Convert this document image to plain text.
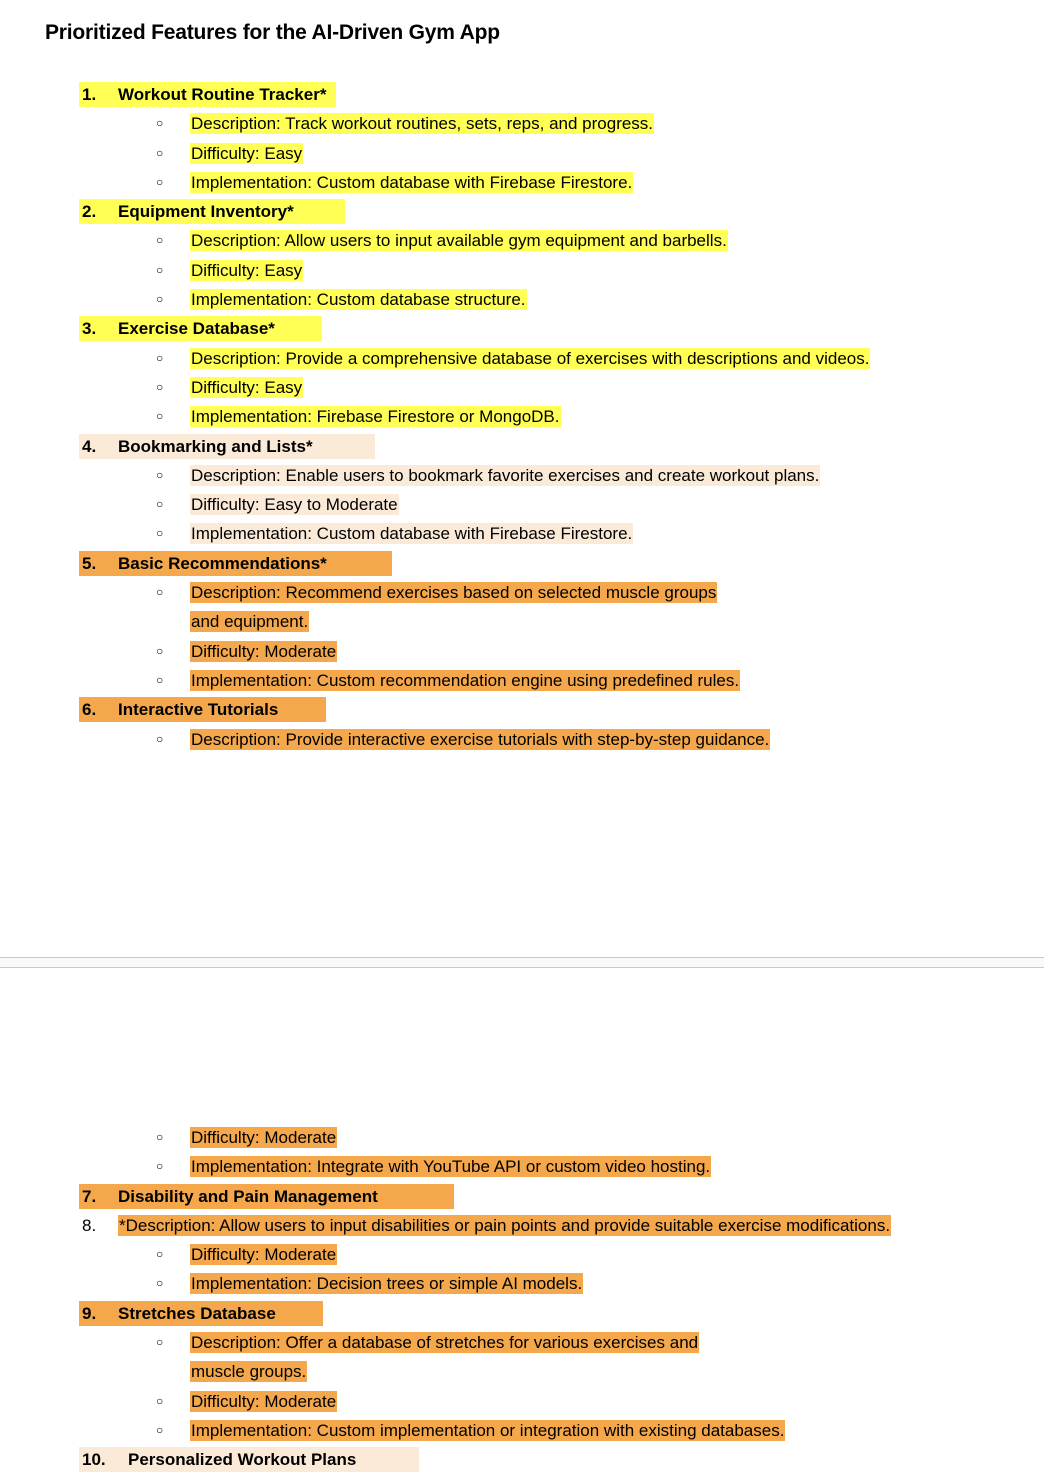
Prioritized Features for the AI-Driven Gym App
1. Workout Routine Tracker*
○ Description: Track workout routines, sets, reps, and progress.
○ Difficulty: Easy
○ Implementation: Custom database with Firebase Firestore.
2. Equipment Inventory*
○ Description: Allow users to input available gym equipment and barbells.
○ Difficulty: Easy
○ Implementation: Custom database structure.
3. Exercise Database*
○ Description: Provide a comprehensive database of exercises with descriptions and videos.
○ Difficulty: Easy
○ Implementation: Firebase Firestore or MongoDB.
4. Bookmarking and Lists*
○ Description: Enable users to bookmark favorite exercises and create workout plans.
○ Difficulty: Easy to Moderate
○ Implementation: Custom database with Firebase Firestore.
5. Basic Recommendations*
○ Description: Recommend exercises based on selected muscle groups and equipment.
○ Difficulty: Moderate
○ Implementation: Custom recommendation engine using predefined rules.
6. Interactive Tutorials
○ Description: Provide interactive exercise tutorials with step-by-step guidance.
○ Difficulty: Moderate
○ Implementation: Integrate with YouTube API or custom video hosting.
7. Disability and Pain Management
8. *Description: Allow users to input disabilities or pain points and provide suitable exercise modifications.
○ Difficulty: Moderate
○ Implementation: Decision trees or simple AI models.
9. Stretches Database
○ Description: Offer a database of stretches for various exercises and muscle groups.
○ Difficulty: Moderate
○ Implementation: Custom implementation or integration with existing databases.
10. Personalized Workout Plans
